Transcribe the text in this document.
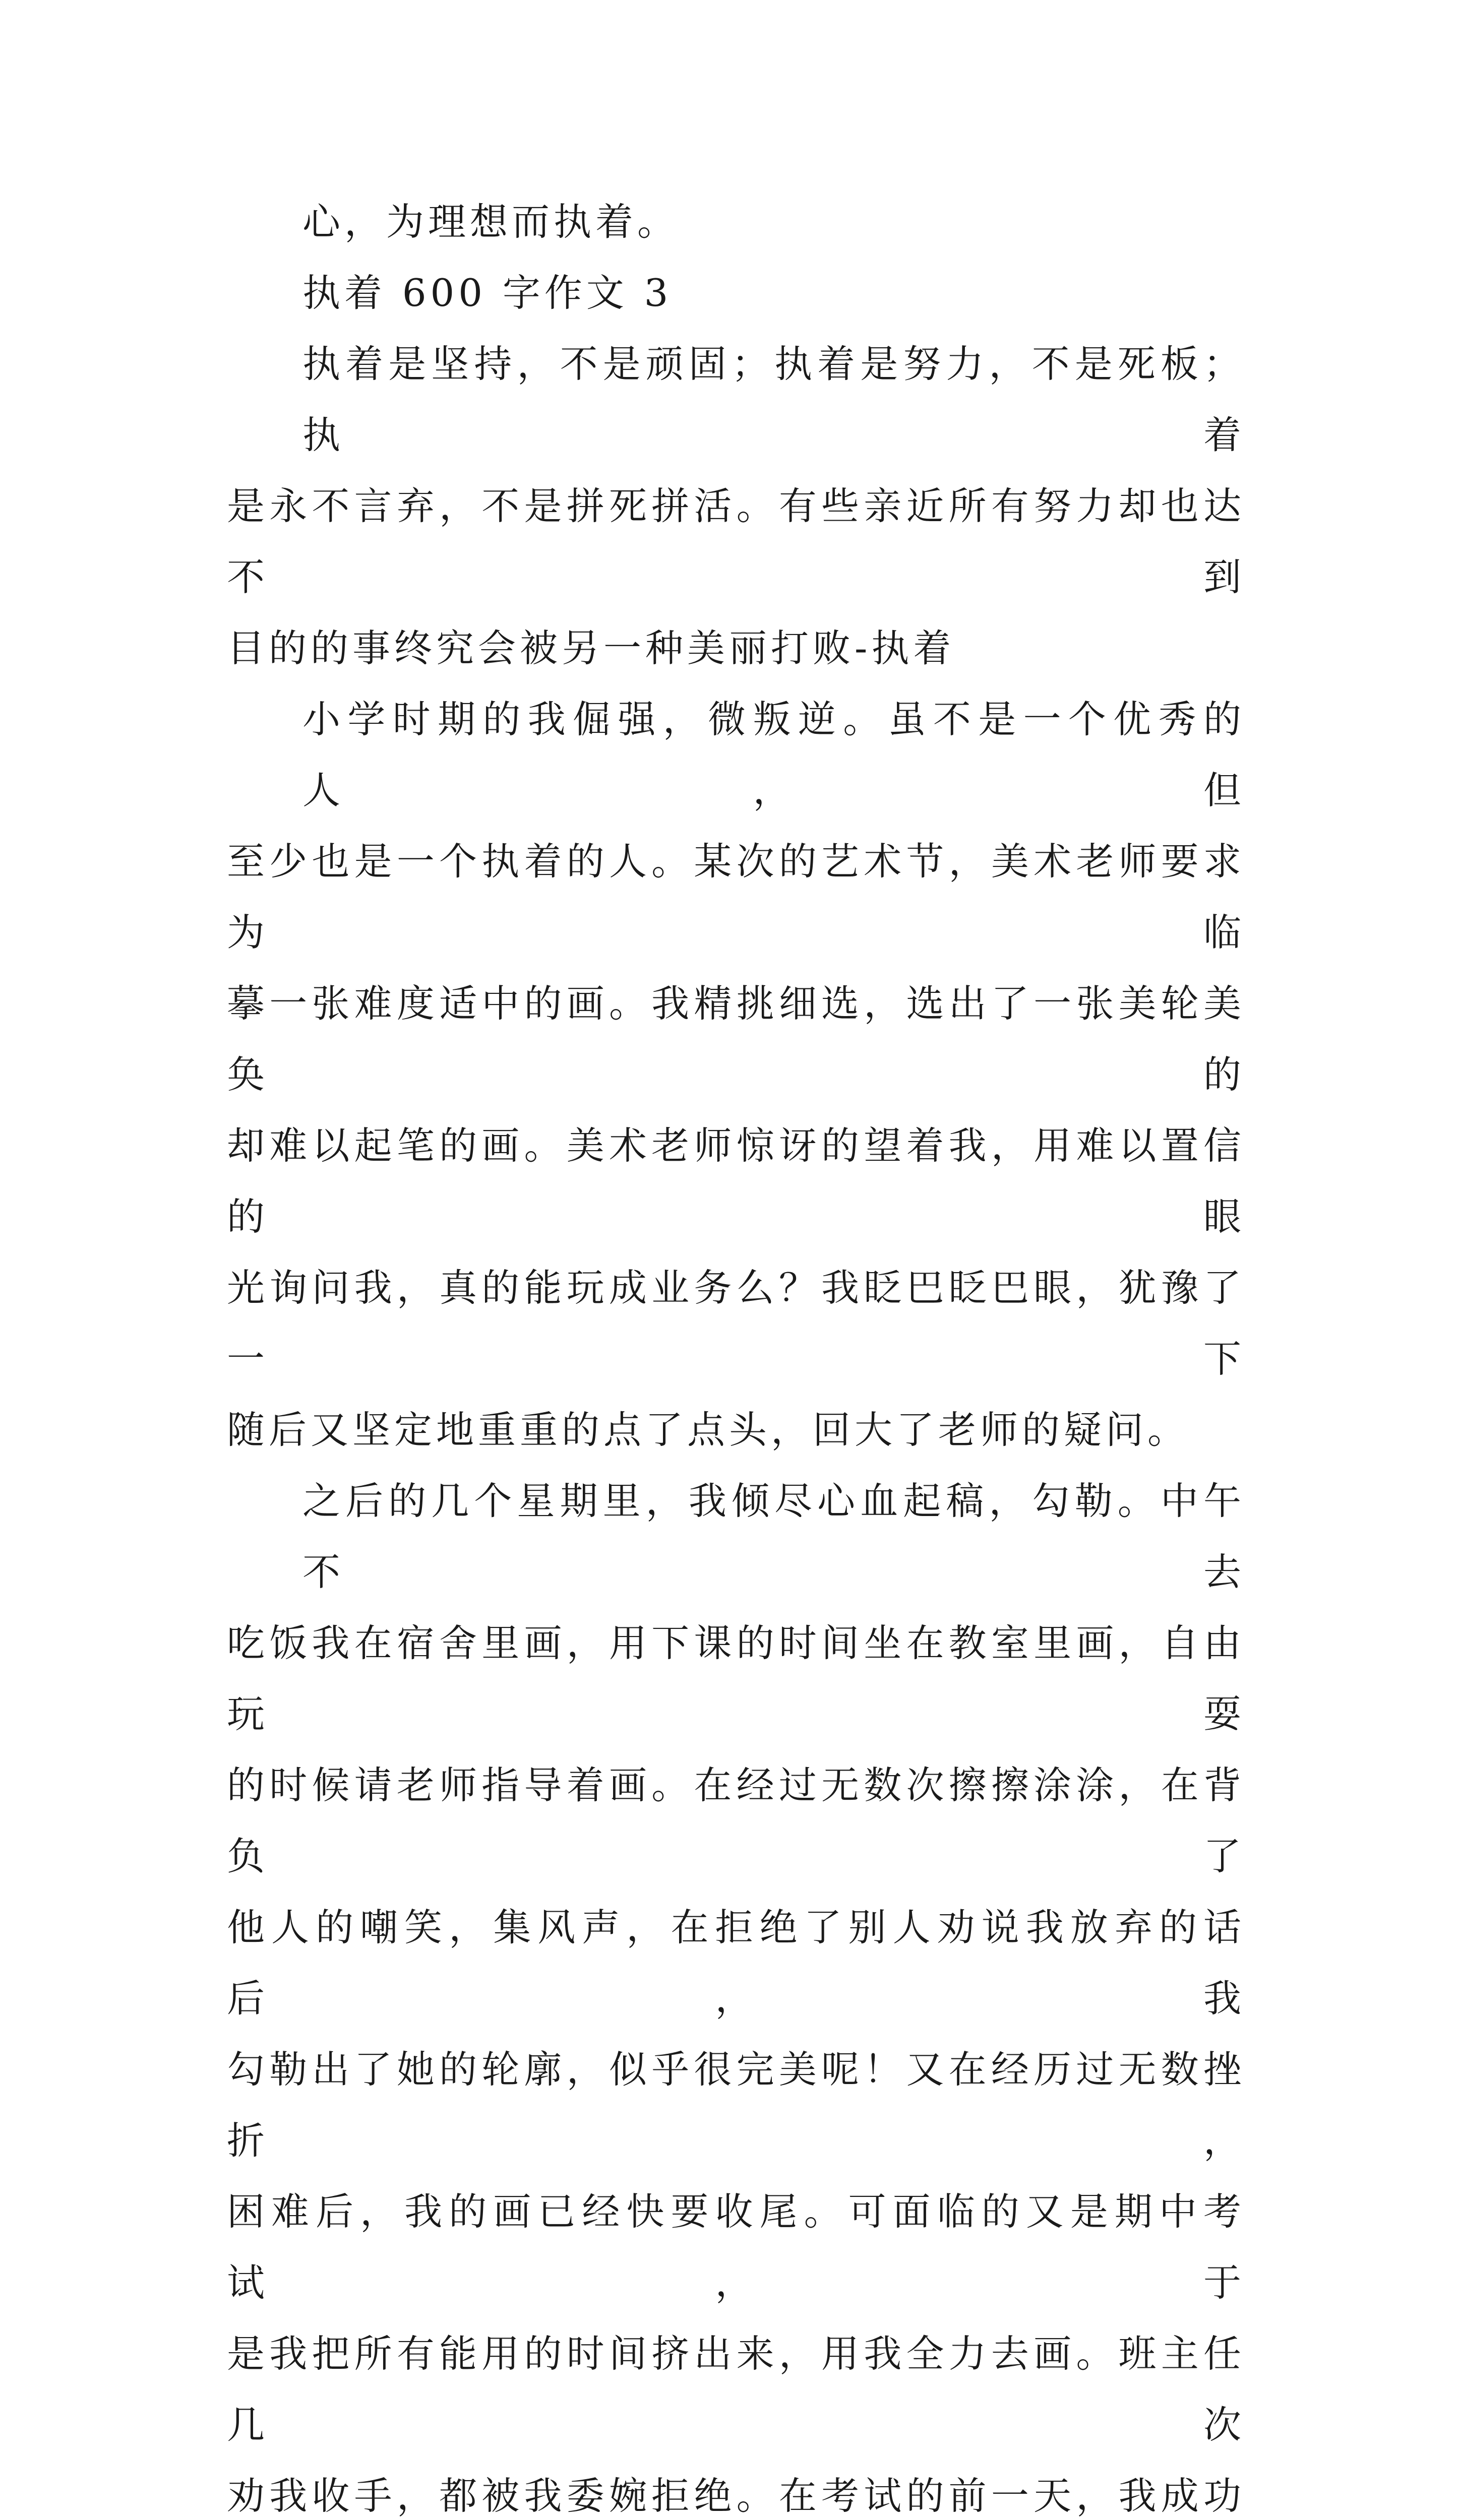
心，为理想而执着。

执着 600 字作文 3

执着是坚持，不是顽固；执着是努力，不是死板；执着
是永不言弃，不是拼死拼活。有些亲近所有努力却也达不到
目的的事终究会被另一种美丽打败-执着

小学时期的我倔强，微叛逆。虽不是一个优秀的人，但
至少也是一个执着的人。某次的艺术节，美术老师要求为临
摹一张难度适中的画。我精挑细选，选出了一张美轮美奂的
却难以起笔的画。美术老师惊讶的望着我，用难以置信的眼
光询问我，真的能玩成业务么？我眨巴眨巴眼，犹豫了一下
随后又坚定地重重的点了点头，回大了老师的疑问。

之后的几个星期里，我倾尽心血起稿，勾勒。中午不去
吃饭我在宿舍里画，用下课的时间坐在教室里画，自由玩耍
的时候请老师指导着画。在经过无数次擦擦涂涂，在背负了
他人的嘲笑，集风声，在拒绝了别人劝说我放弃的话后，我
勾勒出了她的轮廓，似乎很完美呢！又在经历过无数挫折，
困难后，我的画已经快要收尾。可面临的又是期中考试，于
是我把所有能用的时间挤出来，用我全力去画。班主任几次
劝我收手，都被我委婉拒绝。在考试的前一天，我成功
